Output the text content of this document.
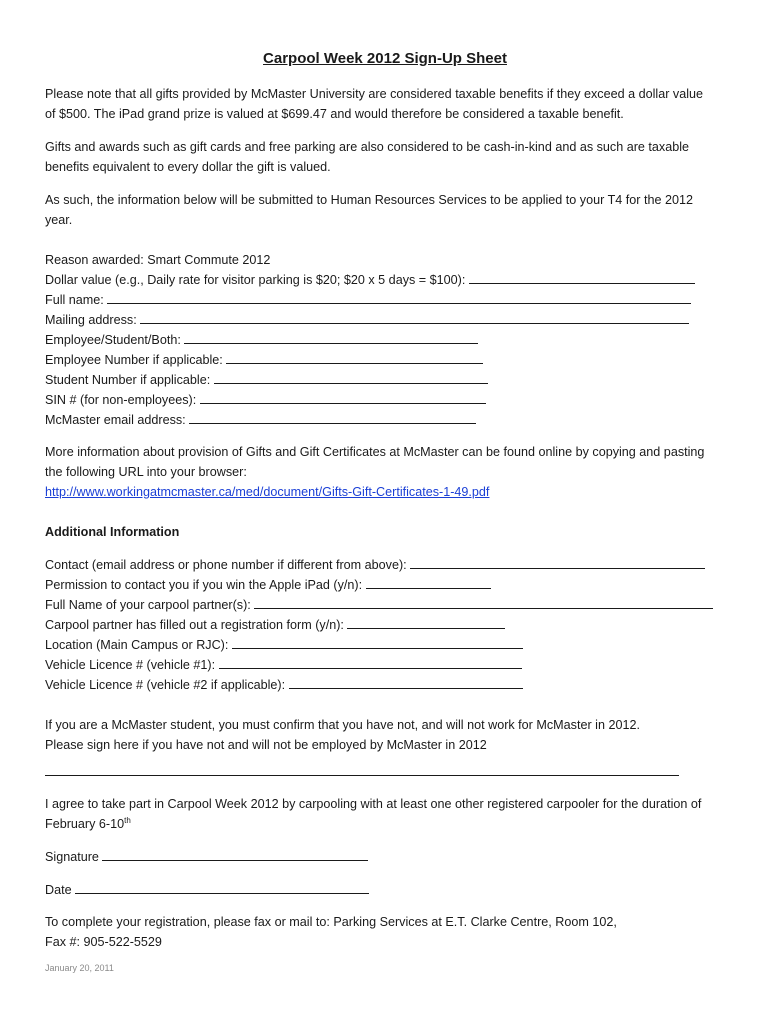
Carpool Week 2012 Sign-Up Sheet
Please note that all gifts provided by McMaster University are considered taxable benefits if they exceed a dollar value
of $500. The iPad grand prize is valued at $699.47 and would therefore be considered a taxable benefit.
Gifts and awards such as gift cards and free parking are also considered to be cash-in-kind and as such are taxable
benefits equivalent to every dollar the gift is valued.
As such, the information below will be submitted to Human Resources Services to be applied to your T4 for the 2012
year.
Reason awarded: Smart Commute 2012
Dollar value (e.g., Daily rate for visitor parking is $20; $20 x 5 days = $100):
Full name:
Mailing address:
Employee/Student/Both:
Employee Number if applicable:
Student Number if applicable:
SIN # (for non-employees):
McMaster email address:
More information about provision of Gifts and Gift Certificates at McMaster can be found online by copying and pasting
the following URL into your browser:
http://www.workingatmcmaster.ca/med/document/Gifts-Gift-Certificates-1-49.pdf
Additional Information
Contact (email address or phone number if different from above):
Permission to contact you if you win the Apple iPad (y/n):
Full Name of your carpool partner(s):
Carpool partner has filled out a registration form (y/n):
Location (Main Campus or RJC):
Vehicle Licence # (vehicle #1):
Vehicle Licence # (vehicle #2 if applicable):
If you are a McMaster student, you must confirm that you have not, and will not work for McMaster in 2012.
Please sign here if you have not and will not be employed by McMaster in 2012
I agree to take part in Carpool Week 2012 by carpooling with at least one other registered carpooler for the duration of
February 6-10th
Signature
Date
To complete your registration, please fax or mail to: Parking Services at E.T. Clarke Centre, Room 102,
Fax #: 905-522-5529
January 20, 2011
